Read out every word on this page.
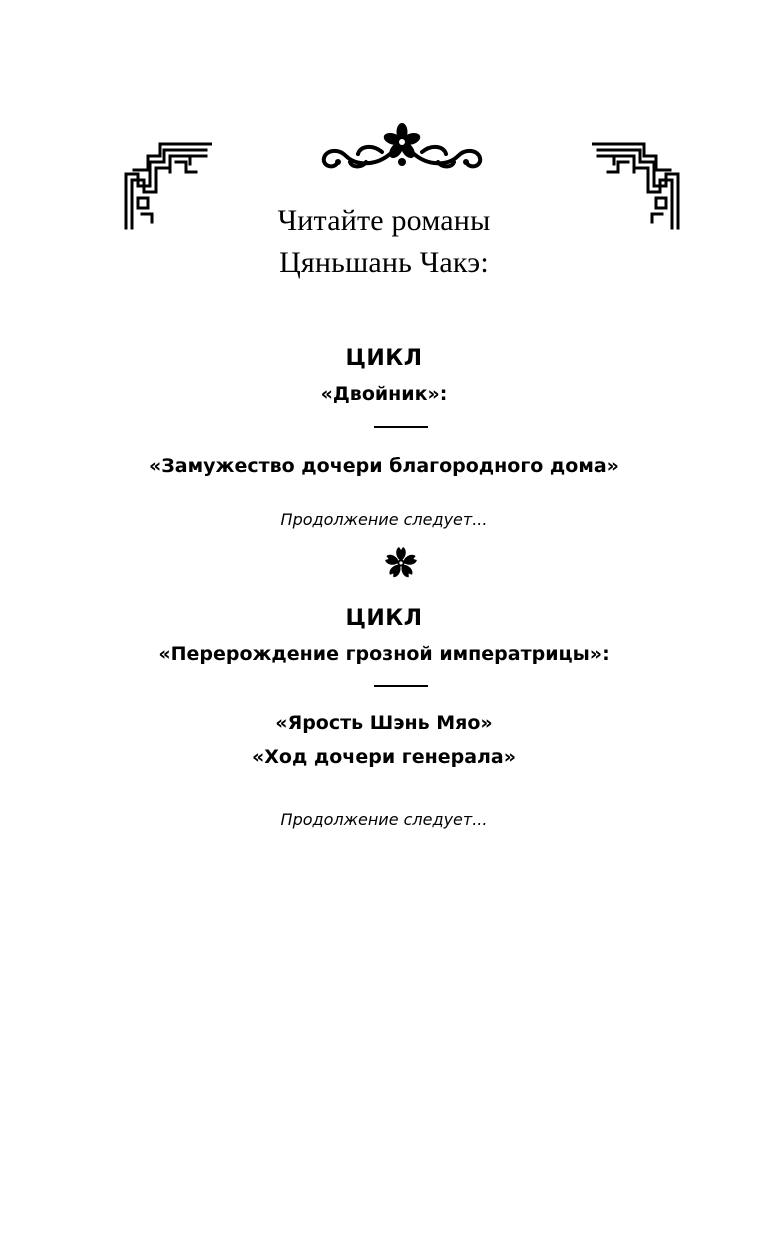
Читайте романы
Цяньшань Чакэ:
ЦИКЛ
«Двойник»:
«Замужество дочери благородного дома»
Продолжение следует...
ЦИКЛ
«Перерождение грозной императрицы»:
«Ярость Шэнь Мяо»
«Ход дочери генерала»
Продолжение следует...
